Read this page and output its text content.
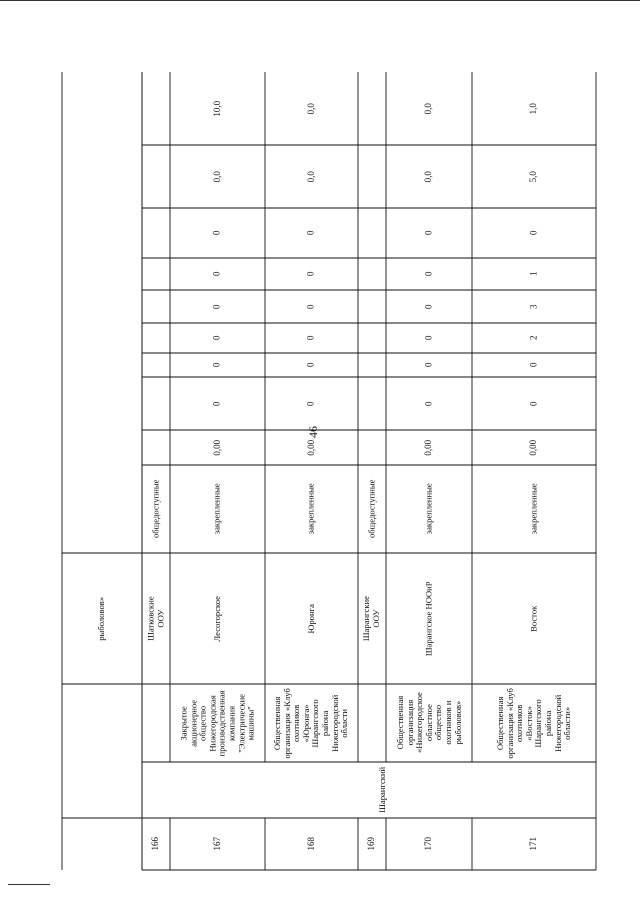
46
рыболовов»
общедоступные
Шатковские ООУ
166
10,0
0,0
0
0
0
0
0
0
0,00
закрепленные
Лесогорское
Закрытое
акционерное
общество
Нижегородская
производственная
компания
"Электрические
машины"
167
0,0
0,0
0
0
0
0
0
0
0,00
закрепленные
Юронга
Общественная
организация «Клуб
охотников
«Юронга»
Шарангского
района
Нижегородской
области
168
общедоступные
Шарангские ООУ
169
0,0
0,0
0
0
0
0
0
0
0,00
закрепленные
Шарангское НООиР
Общественная
организация
«Нижегородское
областное
общество
охотников и
рыболовов»
170
1,0
5,0
0
1
3
2
0
0
0,00
закрепленные
Восток
Общественная
организация «Клуб
охотников
«Восток»
Шарангского
района
Нижегородской
области»
171
Шарангский
